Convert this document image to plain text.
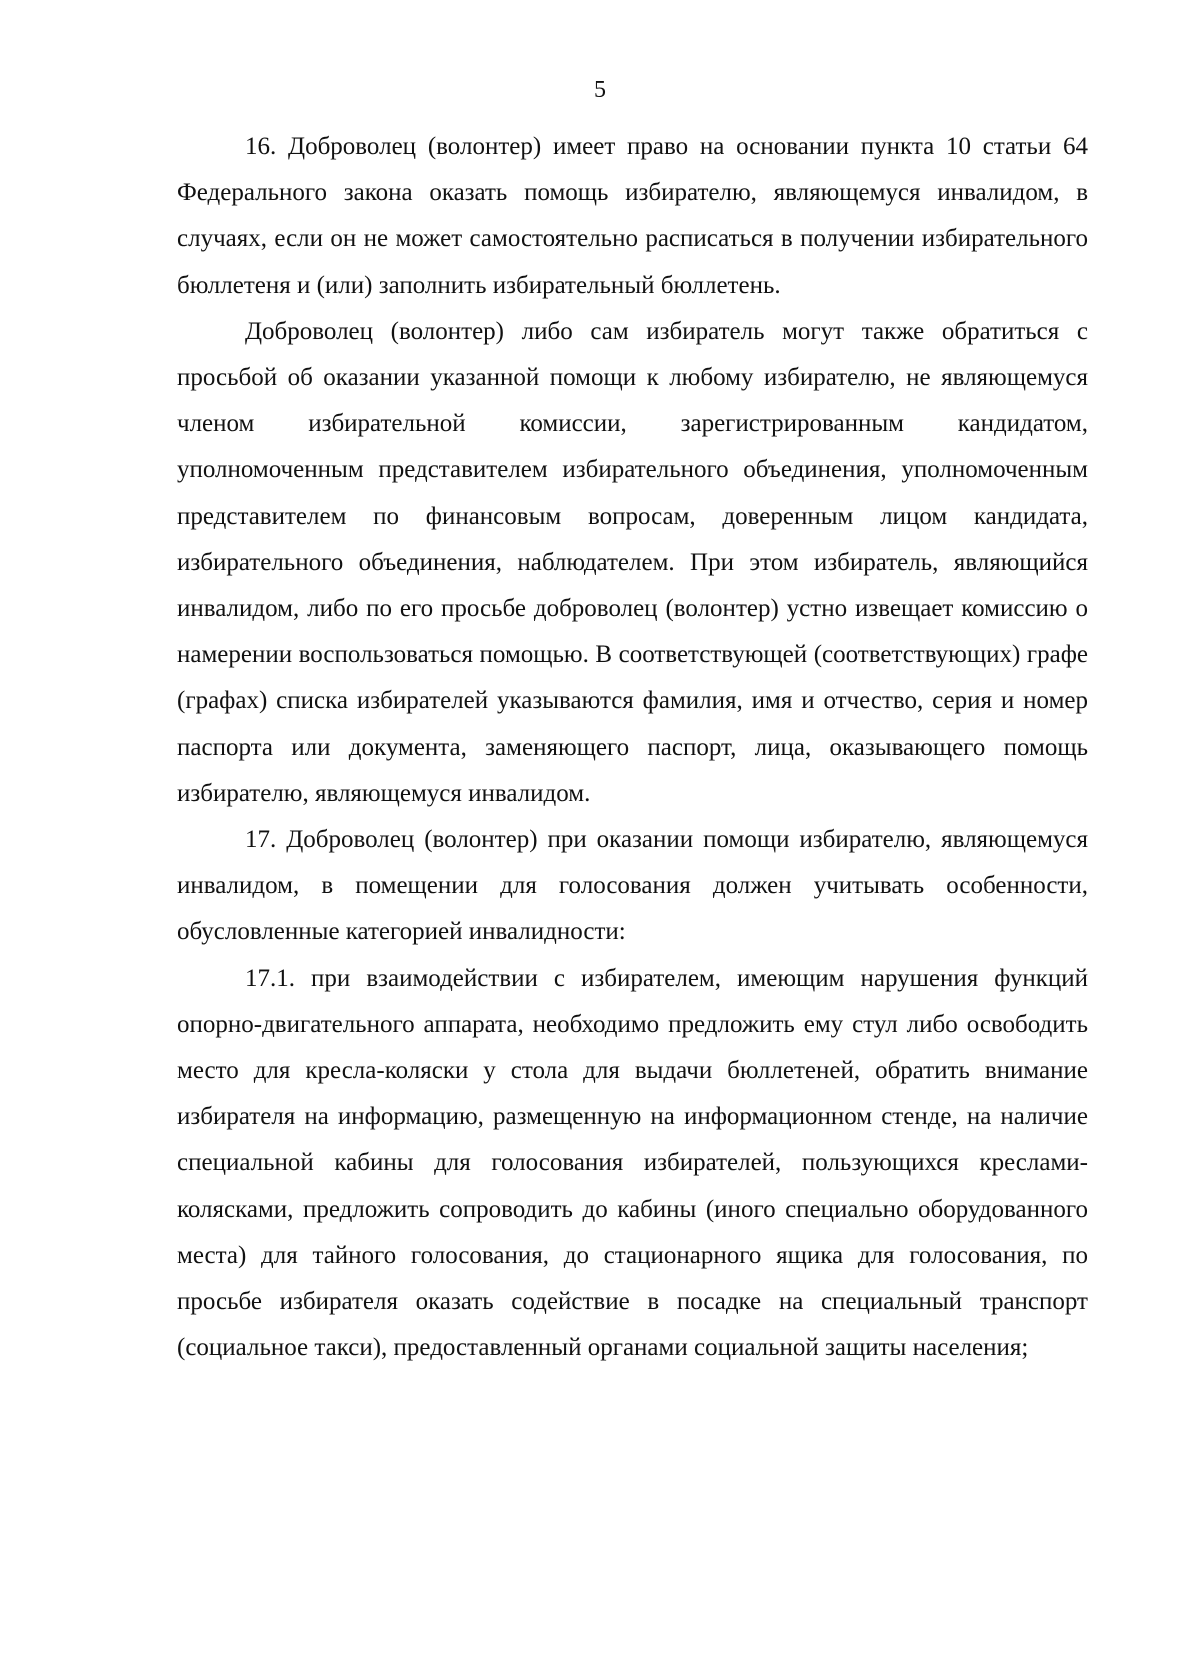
5

16. Доброволец (волонтер) имеет право на основании пункта 10 статьи 64 Федерального закона оказать помощь избирателю, являющемуся инвалидом, в случаях, если он не может самостоятельно расписаться в получении избирательного бюллетеня и (или) заполнить избирательный бюллетень.

Доброволец (волонтер) либо сам избиратель могут также обратиться с просьбой об оказании указанной помощи к любому избирателю, не являющемуся членом избирательной комиссии, зарегистрированным кандидатом, уполномоченным представителем избирательного объединения, уполномоченным представителем по финансовым вопросам, доверенным лицом кандидата, избирательного объединения, наблюдателем. При этом избиратель, являющийся инвалидом, либо по его просьбе доброволец (волонтер) устно извещает комиссию о намерении воспользоваться помощью. В соответствующей (соответствующих) графе (графах) списка избирателей указываются фамилия, имя и отчество, серия и номер паспорта или документа, заменяющего паспорт, лица, оказывающего помощь избирателю, являющемуся инвалидом.

17. Доброволец (волонтер) при оказании помощи избирателю, являющемуся инвалидом, в помещении для голосования должен учитывать особенности, обусловленные категорией инвалидности:

17.1. при взаимодействии с избирателем, имеющим нарушения функций опорно-двигательного аппарата, необходимо предложить ему стул либо освободить место для кресла-коляски у стола для выдачи бюллетеней, обратить внимание избирателя на информацию, размещенную на информационном стенде, на наличие специальной кабины для голосования избирателей, пользующихся креслами-колясками, предложить сопроводить до кабины (иного специально оборудованного места) для тайного голосования, до стационарного ящика для голосования, по просьбе избирателя оказать содействие в посадке на специальный транспорт (социальное такси), предоставленный органами социальной защиты населения;
